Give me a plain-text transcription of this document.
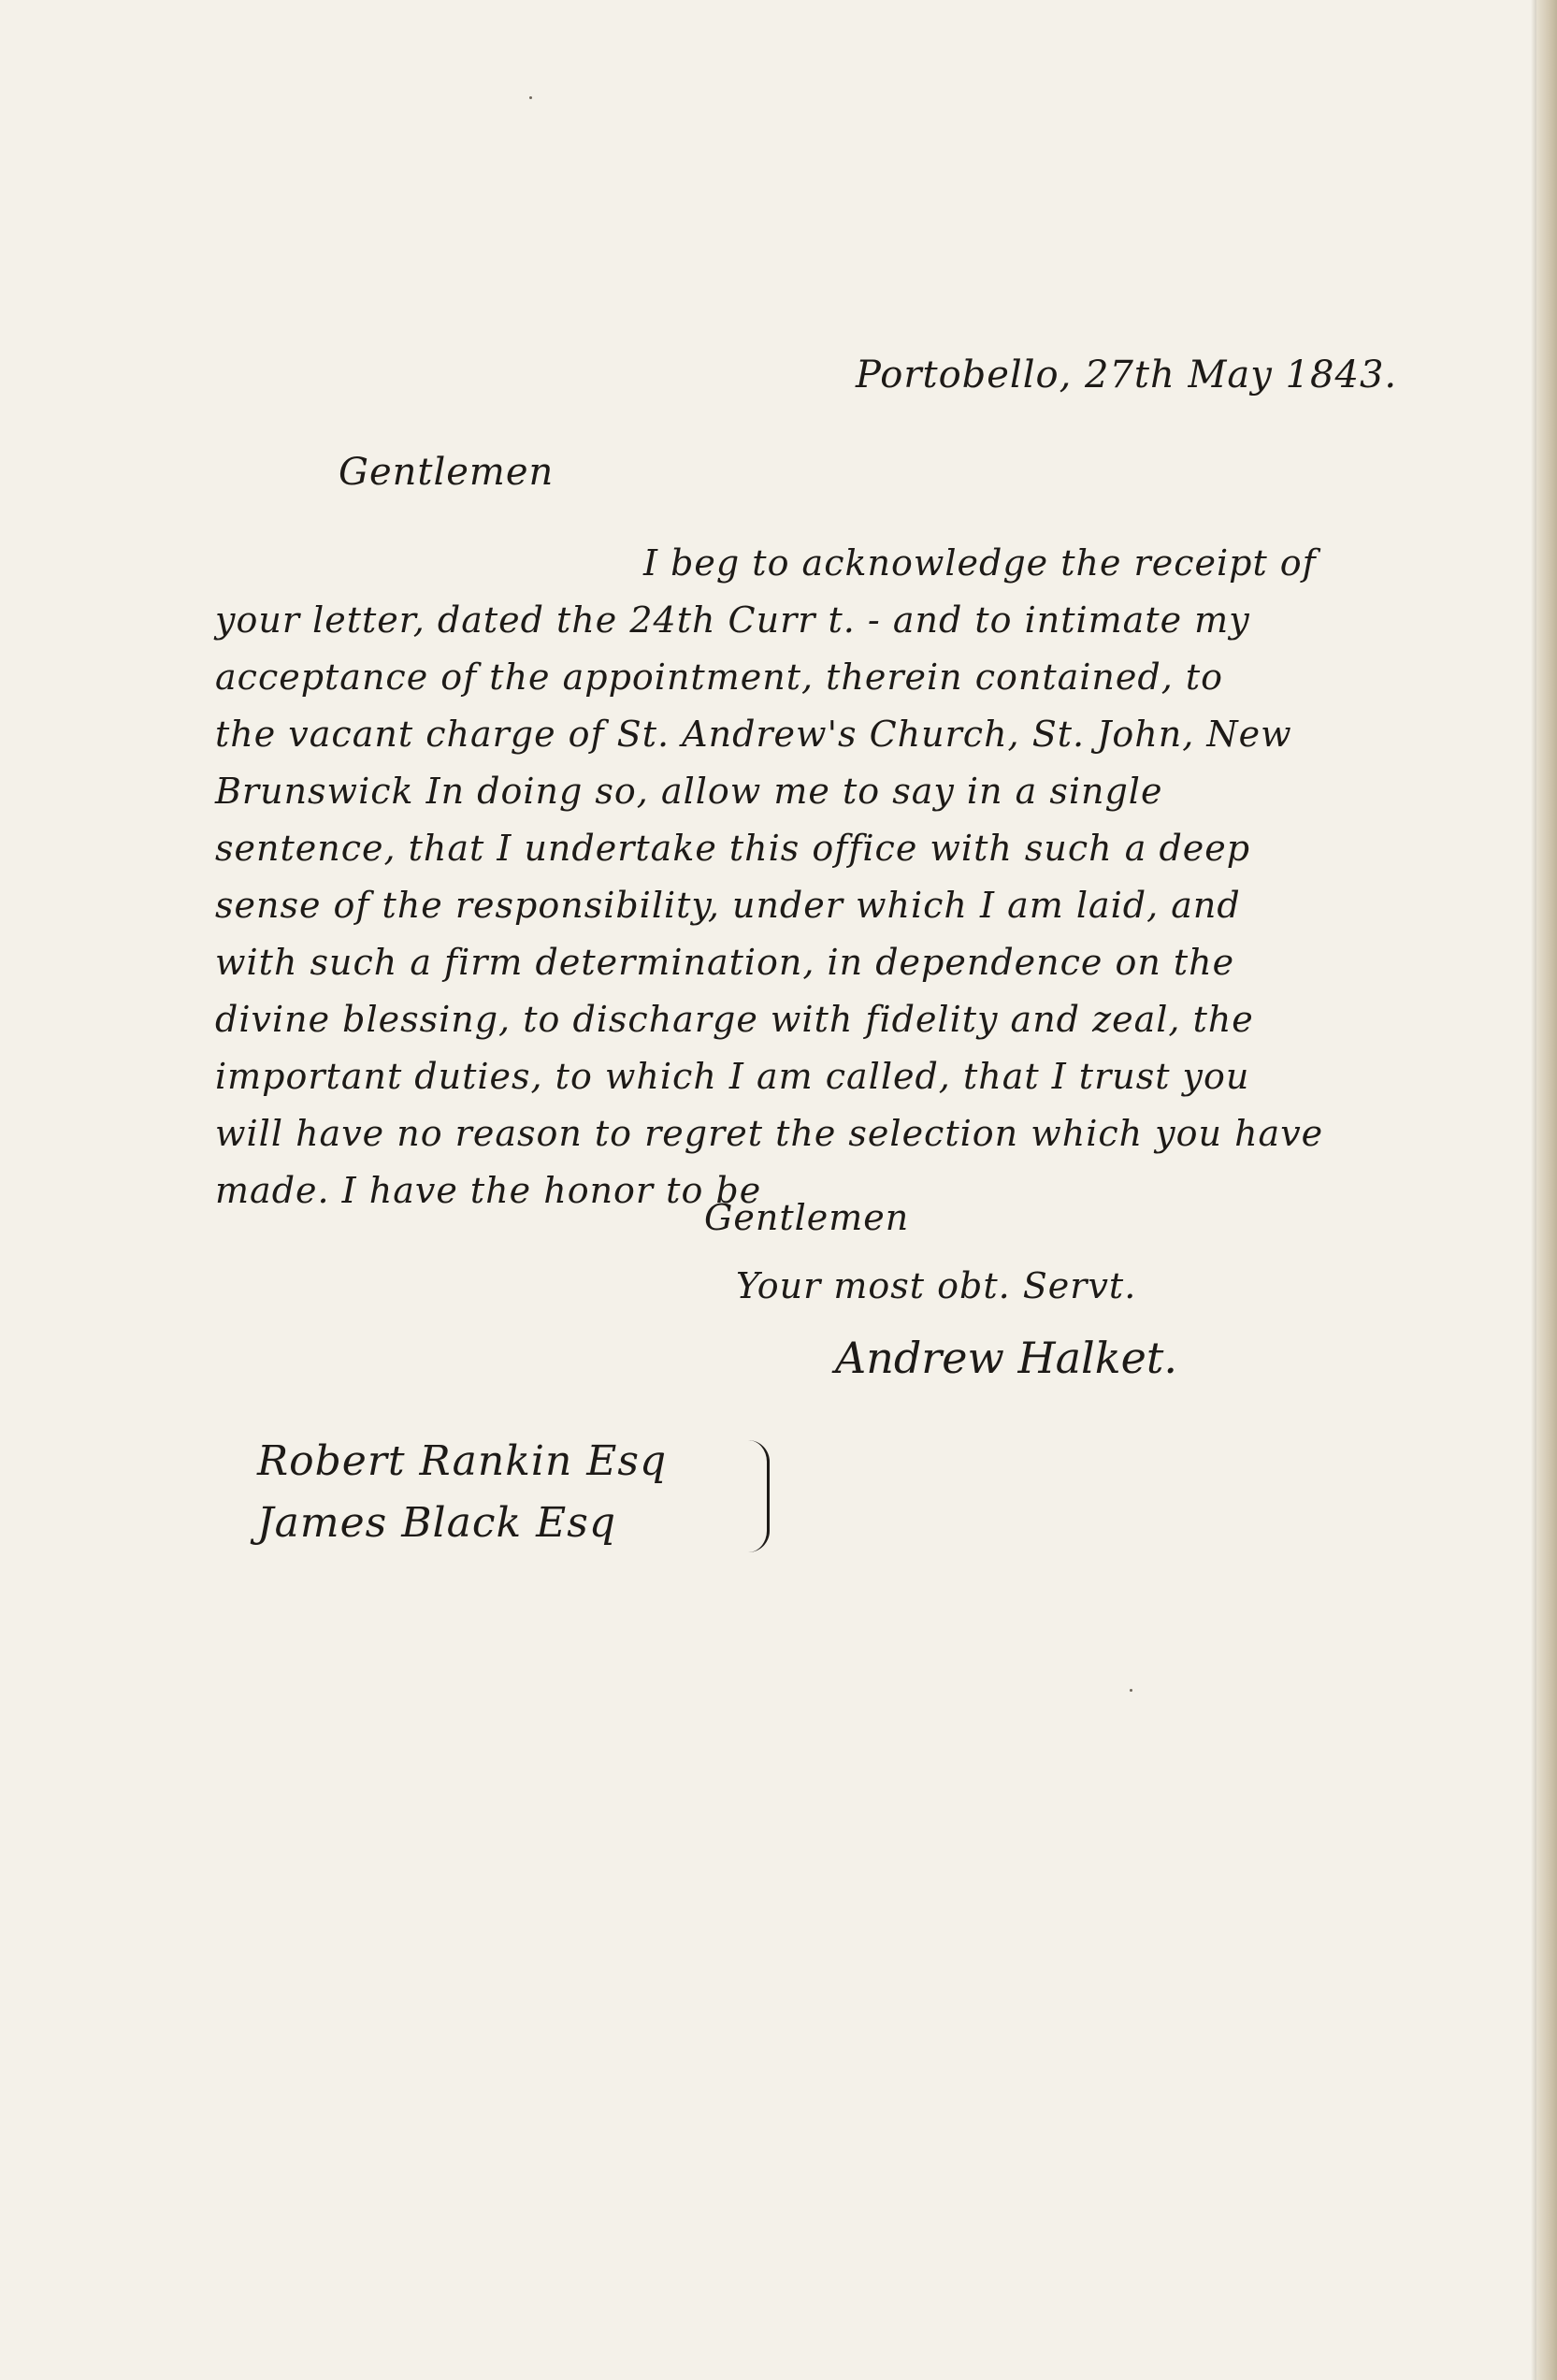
Portobello, 27th May 1843.
Gentlemen
I beg to acknowledge the receipt of
your letter, dated the 24th Curr t. - and to intimate my
acceptance of the appointment, therein contained, to
the vacant charge of St. Andrew's Church, St. John, New
Brunswick In doing so, allow me to say in a single
sentence, that I undertake this office with such a deep
sense of the responsibility, under which I am laid, and
with such a firm determination, in dependence on the
divine blessing, to discharge with fidelity and zeal, the
important duties, to which I am called, that I trust you
will have no reason to regret the selection which you have
made. I have the honor to be
Gentlemen
Your most obt. Servt.
Andrew Halket.
Robert Rankin Esq
James Black Esq
